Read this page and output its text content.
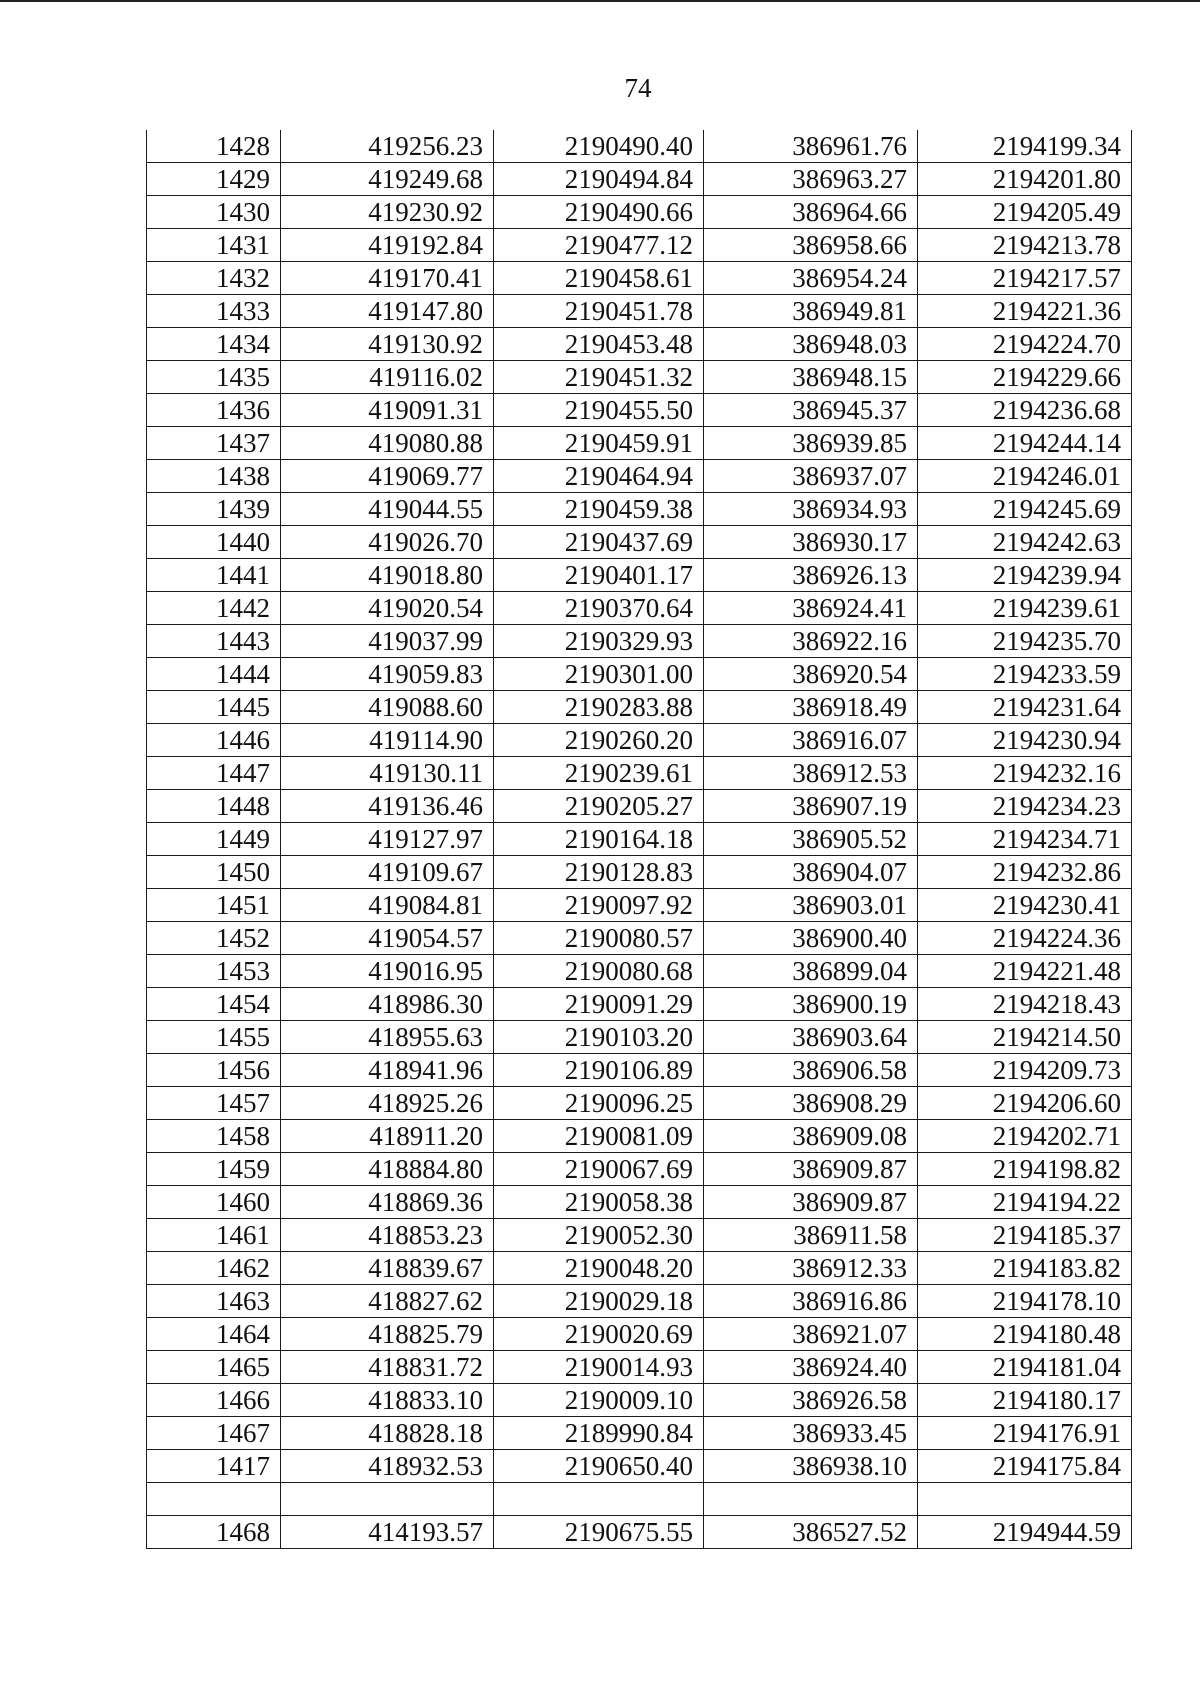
74
1428	419256.23	2190490.40	386961.76	2194199.34
1429	419249.68	2190494.84	386963.27	2194201.80
1430	419230.92	2190490.66	386964.66	2194205.49
1431	419192.84	2190477.12	386958.66	2194213.78
1432	419170.41	2190458.61	386954.24	2194217.57
1433	419147.80	2190451.78	386949.81	2194221.36
1434	419130.92	2190453.48	386948.03	2194224.70
1435	419116.02	2190451.32	386948.15	2194229.66
1436	419091.31	2190455.50	386945.37	2194236.68
1437	419080.88	2190459.91	386939.85	2194244.14
1438	419069.77	2190464.94	386937.07	2194246.01
1439	419044.55	2190459.38	386934.93	2194245.69
1440	419026.70	2190437.69	386930.17	2194242.63
1441	419018.80	2190401.17	386926.13	2194239.94
1442	419020.54	2190370.64	386924.41	2194239.61
1443	419037.99	2190329.93	386922.16	2194235.70
1444	419059.83	2190301.00	386920.54	2194233.59
1445	419088.60	2190283.88	386918.49	2194231.64
1446	419114.90	2190260.20	386916.07	2194230.94
1447	419130.11	2190239.61	386912.53	2194232.16
1448	419136.46	2190205.27	386907.19	2194234.23
1449	419127.97	2190164.18	386905.52	2194234.71
1450	419109.67	2190128.83	386904.07	2194232.86
1451	419084.81	2190097.92	386903.01	2194230.41
1452	419054.57	2190080.57	386900.40	2194224.36
1453	419016.95	2190080.68	386899.04	2194221.48
1454	418986.30	2190091.29	386900.19	2194218.43
1455	418955.63	2190103.20	386903.64	2194214.50
1456	418941.96	2190106.89	386906.58	2194209.73
1457	418925.26	2190096.25	386908.29	2194206.60
1458	418911.20	2190081.09	386909.08	2194202.71
1459	418884.80	2190067.69	386909.87	2194198.82
1460	418869.36	2190058.38	386909.87	2194194.22
1461	418853.23	2190052.30	386911.58	2194185.37
1462	418839.67	2190048.20	386912.33	2194183.82
1463	418827.62	2190029.18	386916.86	2194178.10
1464	418825.79	2190020.69	386921.07	2194180.48
1465	418831.72	2190014.93	386924.40	2194181.04
1466	418833.10	2190009.10	386926.58	2194180.17
1467	418828.18	2189990.84	386933.45	2194176.91
1417	418932.53	2190650.40	386938.10	2194175.84

1468	414193.57	2190675.55	386527.52	2194944.59
